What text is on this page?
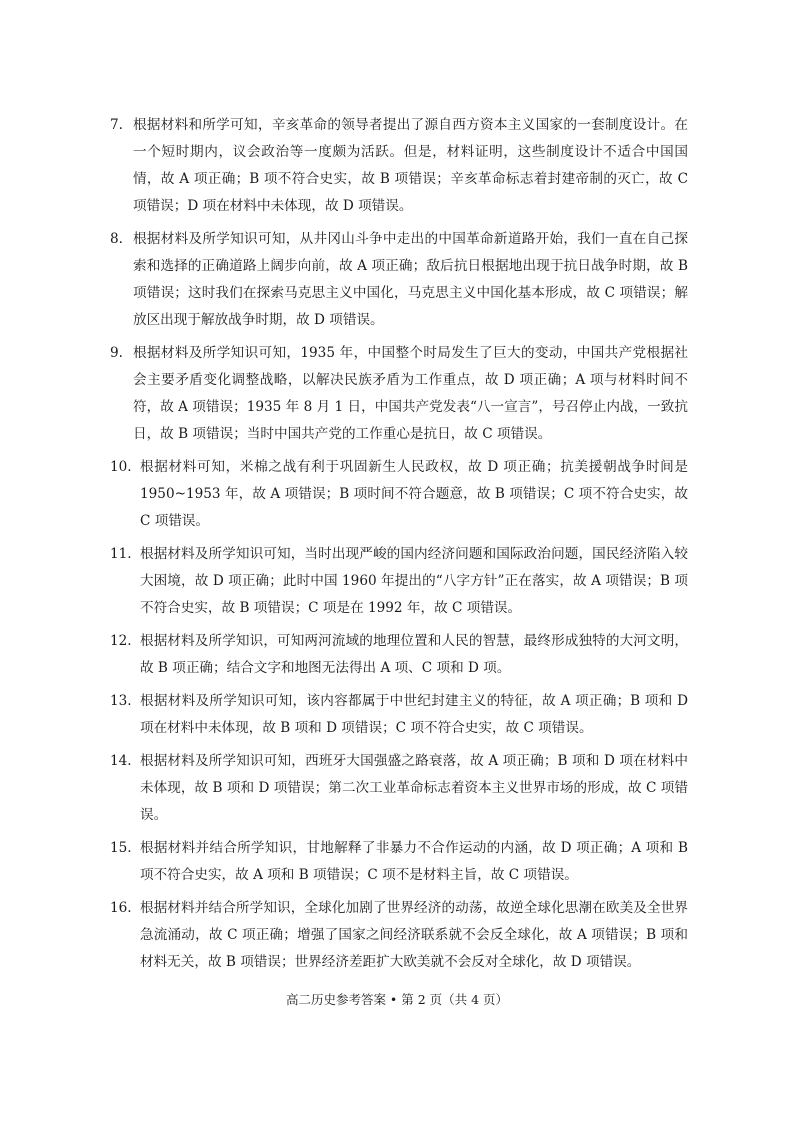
7. 根据材料和所学可知，辛亥革命的领导者提出了源自西方资本主义国家的一套制度设计。在一个短时期内，议会政治等一度颇为活跃。但是，材料证明，这些制度设计不适合中国国情，故 A 项正确；B 项不符合史实，故 B 项错误；辛亥革命标志着封建帝制的灭亡，故 C 项错误；D 项在材料中未体现，故 D 项错误。
8. 根据材料及所学知识可知，从井冈山斗争中走出的中国革命新道路开始，我们一直在自己探索和选择的正确道路上阔步向前，故 A 项正确；敌后抗日根据地出现于抗日战争时期，故 B 项错误；这时我们在探索马克思主义中国化，马克思主义中国化基本形成，故 C 项错误；解放区出现于解放战争时期，故 D 项错误。
9. 根据材料及所学知识可知，1935 年，中国整个时局发生了巨大的变动，中国共产党根据社会主要矛盾变化调整战略，以解决民族矛盾为工作重点，故 D 项正确；A 项与材料时间不符，故 A 项错误；1935 年 8 月 1 日，中国共产党发表“八一宣言”，号召停止内战，一致抗日，故 B 项错误；当时中国共产党的工作重心是抗日，故 C 项错误。
10. 根据材料可知，米棉之战有利于巩固新生人民政权，故 D 项正确；抗美援朝战争时间是 1950~1953 年，故 A 项错误；B 项时间不符合题意，故 B 项错误；C 项不符合史实，故 C 项错误。
11. 根据材料及所学知识可知，当时出现严峻的国内经济问题和国际政治问题，国民经济陷入较大困境，故 D 项正确；此时中国 1960 年提出的“八字方针”正在落实，故 A 项错误；B 项不符合史实，故 B 项错误；C 项是在 1992 年，故 C 项错误。
12. 根据材料及所学知识，可知两河流域的地理位置和人民的智慧，最终形成独特的大河文明，故 B 项正确；结合文字和地图无法得出 A 项、C 项和 D 项。
13. 根据材料及所学知识可知，该内容都属于中世纪封建主义的特征，故 A 项正确；B 项和 D 项在材料中未体现，故 B 项和 D 项错误；C 项不符合史实，故 C 项错误。
14. 根据材料及所学知识可知，西班牙大国强盛之路衰落，故 A 项正确；B 项和 D 项在材料中未体现，故 B 项和 D 项错误；第二次工业革命标志着资本主义世界市场的形成，故 C 项错误。
15. 根据材料并结合所学知识，甘地解释了非暴力不合作运动的内涵，故 D 项正确；A 项和 B 项不符合史实，故 A 项和 B 项错误；C 项不是材料主旨，故 C 项错误。
16. 根据材料并结合所学知识，全球化加剧了世界经济的动荡，故逆全球化思潮在欧美及全世界急流涌动，故 C 项正确；增强了国家之间经济联系就不会反全球化，故 A 项错误；B 项和材料无关，故 B 项错误；世界经济差距扩大欧美就不会反对全球化，故 D 项错误。
高二历史参考答案 • 第 2 页（共 4 页）
